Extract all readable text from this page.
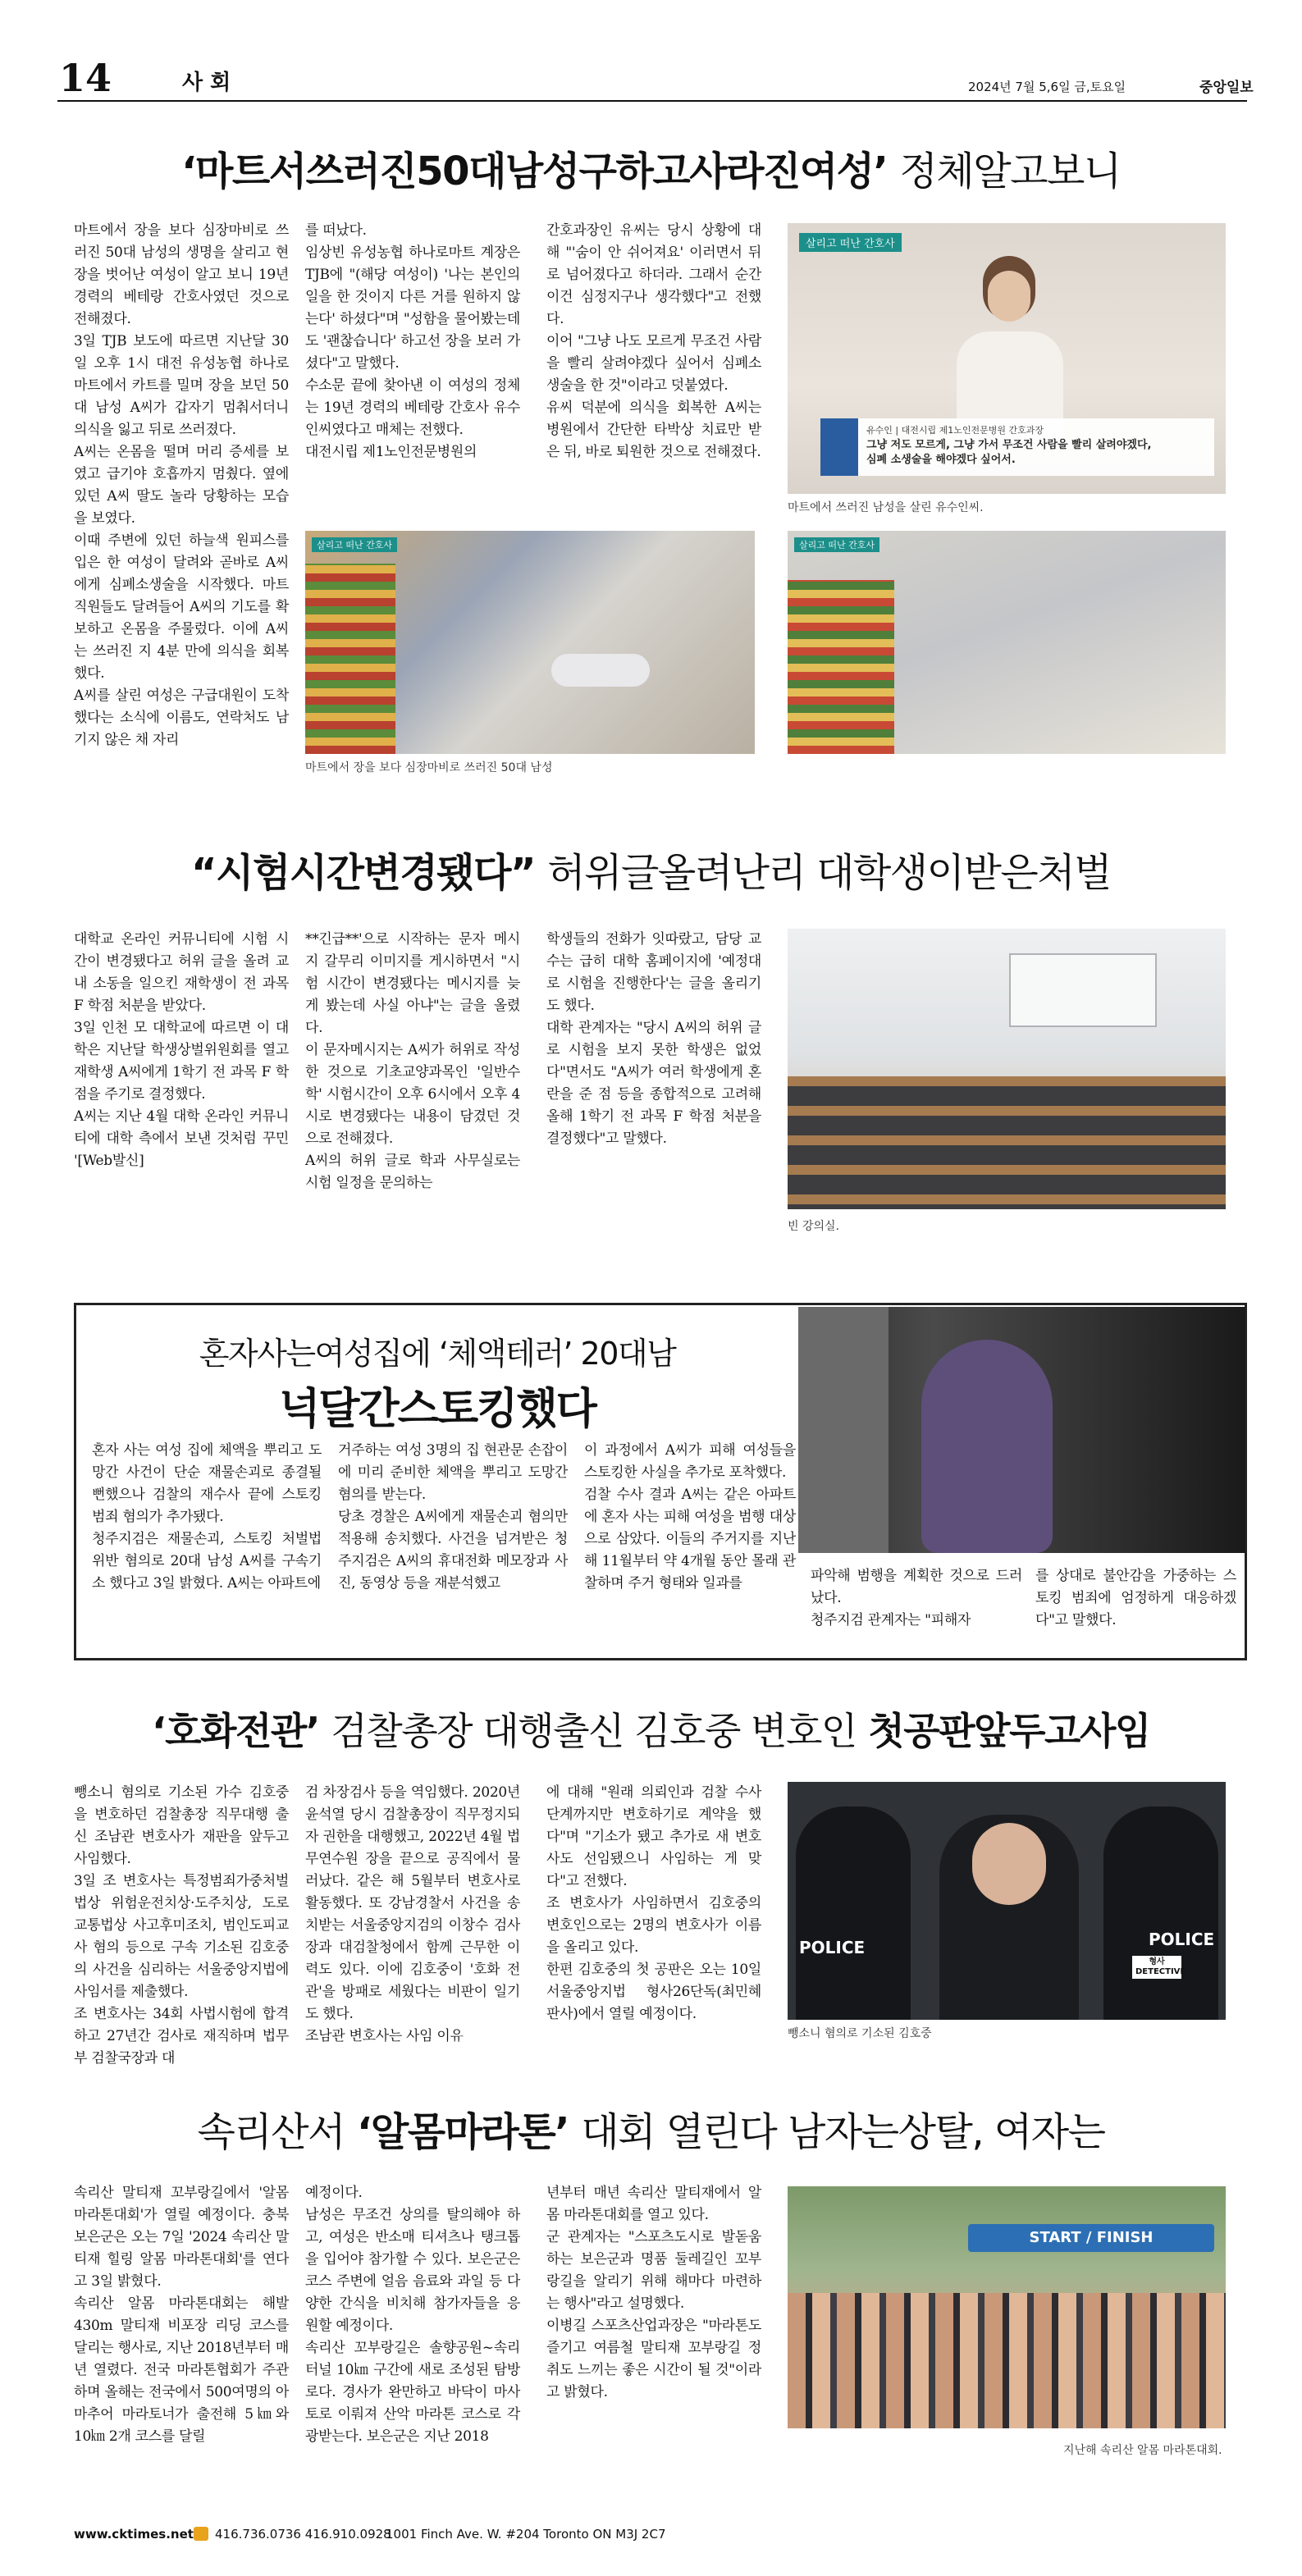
14	사 회	2024년 7월 5,6일 금,토요일	중앙일보
‘마트서쓰러진50대남성구하고사라진여성’ 정체알고보니
마트에서 장을 보다 심장마비로 쓰러진 50대 남성의 생명을 살리고 현장을 벗어난 여성이 알고 보니 19년 경력의 베테랑 간호사였던 것으로 전해졌다.
3일 TJB 보도에 따르면 지난달 30일 오후 1시 대전 유성농협 하나로 마트에서 카트를 밀며 장을 보던 50대 남성 A씨가 갑자기 멈춰서더니 의식을 잃고 뒤로 쓰러졌다.
A씨는 온몸을 떨며 머리 증세를 보였고 급기야 호흡까지 멈췄다. 옆에 있던 A씨 딸도 놀라 당황하는 모습을 보였다.
이때 주변에 있던 하늘색 원피스를 입은 한 여성이 달려와 곧바로 A씨에게 심폐소생술을 시작했다. 마트 직원들도 달려들어 A씨의 기도를 확보하고 온몸을 주물렀다. 이에 A씨는 쓰러진 지 4분 만에 의식을 회복했다.
A씨를 살린 여성은 구급대원이 도착했다는 소식에 이름도, 연락처도 남기지 않은 채 자리
를 떠났다.
임상빈 유성농협 하나로마트 계장은 TJB에 "(해당 여성이) '나는 본인의 일을 한 것이지 다른 거를 원하지 않는다' 하셨다"며 "성함을 물어봤는데도 '괜찮습니다' 하고선 장을 보러 가셨다"고 말했다.
수소문 끝에 찾아낸 이 여성의 정체는 19년 경력의 베테랑 간호사 유수인씨였다고 매체는 전했다.
대전시립 제1노인전문병원의
간호과장인 유씨는 당시 상황에 대해 "'숨이 안 쉬어져요' 이러면서 뒤로 넘어졌다고 하더라. 그래서 순간 이건 심정지구나 생각했다"고 전했다.
이어 "그냥 나도 모르게 무조건 사람을 빨리 살려야겠다 싶어서 심폐소생술을 한 것"이라고 덧붙였다.
유씨 덕분에 의식을 회복한 A씨는 병원에서 간단한 타박상 치료만 받은 뒤, 바로 퇴원한 것으로 전해졌다.
살리고 떠난 간호사
유수인 | 대전시립 제1노인전문병원 간호과장
그냥 저도 모르게, 그냥 가서 무조건 사람을 빨리 살려야겠다,
심폐 소생술을 해야겠다 싶어서.
마트에서 쓰러진 남성을 살린 유수인씨.
살리고 떠난 간호사	살리고 떠난 간호사
마트에서 장을 보다 심장마비로 쓰러진 50대 남성
“시험시간변경됐다” 허위글올려난리 대학생이받은처벌
대학교 온라인 커뮤니티에 시험 시간이 변경됐다고 허위 글을 올려 교내 소동을 일으킨 재학생이 전 과목 F 학점 처분을 받았다.
3일 인천 모 대학교에 따르면 이 대학은 지난달 학생상벌위원회를 열고 재학생 A씨에게 1학기 전 과목 F 학점을 주기로 결정했다.
A씨는 지난 4월 대학 온라인 커뮤니티에 대학 측에서 보낸 것처럼 꾸민 '[Web발신]
**긴급**'으로 시작하는 문자 메시지 갈무리 이미지를 게시하면서 "시험 시간이 변경됐다는 메시지를 늦게 봤는데 사실 아냐"는 글을 올렸다.
이 문자메시지는 A씨가 허위로 작성한 것으로 기초교양과목인 '일반수학' 시험시간이 오후 6시에서 오후 4시로 변경됐다는 내용이 담겼던 것으로 전해졌다.
A씨의 허위 글로 학과 사무실로는 시험 일정을 문의하는
학생들의 전화가 잇따랐고, 담당 교수는 급히 대학 홈페이지에 '예정대로 시험을 진행한다'는 글을 올리기도 했다.
대학 관계자는 "당시 A씨의 허위 글로 시험을 보지 못한 학생은 없었다"면서도 "A씨가 여러 학생에게 혼란을 준 점 등을 종합적으로 고려해 올해 1학기 전 과목 F 학점 처분을 결정했다"고 말했다.
빈 강의실.
혼자사는여성집에 ‘체액테러’ 20대남
넉달간스토킹했다
혼자 사는 여성 집에 체액을 뿌리고 도망간 사건이 단순 재물손괴로 종결될 뻔했으나 검찰의 재수사 끝에 스토킹 범죄 혐의가 추가됐다.
청주지검은 재물손괴, 스토킹 처벌법 위반 혐의로 20대 남성 A씨를 구속기소 했다고 3일 밝혔다. A씨는 아파트에
거주하는 여성 3명의 집 현관문 손잡이에 미리 준비한 체액을 뿌리고 도망간 혐의를 받는다.
당초 경찰은 A씨에게 재물손괴 혐의만 적용해 송치했다. 사건을 넘겨받은 청주지검은 A씨의 휴대전화 메모장과 사진, 동영상 등을 재분석했고
이 과정에서 A씨가 피해 여성들을 스토킹한 사실을 추가로 포착했다.
검찰 수사 결과 A씨는 같은 아파트에 혼자 사는 피해 여성을 범행 대상으로 삼았다. 이들의 주거지를 지난해 11월부터 약 4개월 동안 몰래 관찰하며 주거 형태와 일과를	파악해 범행을 계획한 것으로 드러났다.
청주지검 관계자는 "피해자
를 상대로 불안감을 가중하는 스토킹 범죄에 엄정하게 대응하겠다"고 말했다.
‘호화전관’ 검찰총장 대행출신 김호중 변호인 첫공판앞두고사임
뺑소니 혐의로 기소된 가수 김호중을 변호하던 검찰총장 직무대행 출신 조남관 변호사가 재판을 앞두고 사임했다.
3일 조 변호사는 특정범죄가중처벌법상 위험운전치상·도주치상, 도로교통법상 사고후미조치, 범인도피교사 혐의 등으로 구속 기소된 김호중의 사건을 심리하는 서울중앙지법에 사임서를 제출했다.
조 변호사는 34회 사법시험에 합격하고 27년간 검사로 재직하며 법무부 검찰국장과 대
검 차장검사 등을 역임했다. 2020년 윤석열 당시 검찰총장이 직무정지되자 권한을 대행했고, 2022년 4월 법무연수원 장을 끝으로 공직에서 물러났다. 같은 해 5월부터 변호사로 활동했다. 또 강남경찰서 사건을 송치받는 서울중앙지검의 이창수 검사장과 대검찰청에서 함께 근무한 이력도 있다. 이에 김호중이 '호화 전관'을 방패로 세웠다는 비판이 일기도 했다.
조남관 변호사는 사임 이유
에 대해 "원래 의뢰인과 검찰 수사 단계까지만 변호하기로 계약을 했다"며 "기소가 됐고 추가로 새 변호사도 선임됐으니 사임하는 게 맞다"고 전했다.
조 변호사가 사임하면서 김호중의 변호인으로는 2명의 변호사가 이름을 올리고 있다.
한편 김호중의 첫 공판은 오는 10일 서울중앙지법 형사26단독(최민혜 판사)에서 열릴 예정이다.
POLICE	POLICE
형사 DETECTIVE
뺑소니 혐의로 기소된 김호중
속리산서 ‘알몸마라톤’ 대회 열린다 남자는상탈, 여자는
속리산 말티재 꼬부랑길에서 '알몸 마라톤대회'가 열릴 예정이다. 충북 보은군은 오는 7일 '2024 속리산 말티재 힐링 알몸 마라톤대회'를 연다고 3일 밝혔다.
속리산 알몸 마라톤대회는 해발 430m 말티재 비포장 리딩 코스를 달리는 행사로, 지난 2018년부터 매년 열렸다. 전국 마라톤협회가 주관하며 올해는 전국에서 500여명의 아마추어 마라토너가 출전해 5㎞와 10㎞ 2개 코스를 달릴
예정이다.
남성은 무조건 상의를 탈의해야 하고, 여성은 반소매 티셔츠나 탱크톱을 입어야 참가할 수 있다. 보은군은 코스 주변에 얼음 음료와 과일 등 다양한 간식을 비치해 참가자들을 응원할 예정이다.
속리산 꼬부랑길은 솔향공원~속리터널 10㎞ 구간에 새로 조성된 탐방로다. 경사가 완만하고 바닥이 마사토로 이뤄져 산악 마라톤 코스로 각광받는다. 보은군은 지난 2018
년부터 매년 속리산 말티재에서 알몸 마라톤대회를 열고 있다.
군 관계자는 "스포츠도시로 발돋움하는 보은군과 명품 둘레길인 꼬부랑길을 알리기 위해 해마다 마련하는 행사"라고 설명했다.
이병길 스포츠산업과장은 "마라톤도 즐기고 여름철 말티재 꼬부랑길 정취도 느끼는 좋은 시간이 될 것"이라고 밝혔다.
START / FINISH
지난해 속리산 알몸 마라톤대회.
www.cktimes.net 416.736.0736 416.910.0928
1001 Finch Ave. W. #204 Toronto ON M3J 2C7
